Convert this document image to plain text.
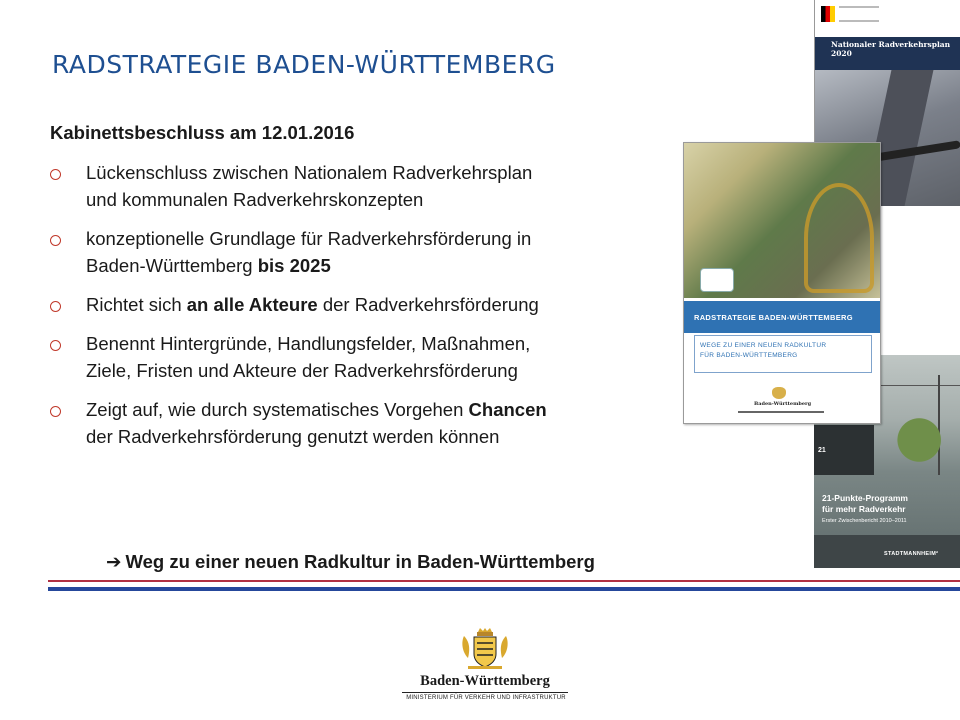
RADSTRATEGIE BADEN-WÜRTTEMBERG
Kabinettsbeschluss am 12.01.2016
Lückenschluss zwischen Nationalem Radverkehrsplan
und kommunalen Radverkehrskonzepten
konzeptionelle Grundlage für Radverkehrsförderung in
Baden-Württemberg bis 2025
Richtet sich an alle Akteure der Radverkehrsförderung
Benennt Hintergründe, Handlungsfelder, Maßnahmen,
Ziele, Fristen und Akteure der Radverkehrsförderung
Zeigt auf, wie durch systematisches Vorgehen Chancen
der Radverkehrsförderung genutzt werden können
➔ Weg zu einer neuen Radkultur in Baden-Württemberg
Nationaler Radverkehrsplan 2020
21
21-Punkte-Programm
für mehr Radverkehr
Erster Zwischenbericht 2010–2011
STADTMANNHEIM²
RADSTRATEGIE BADEN-WÜRTTEMBERG
WEGE ZU EINER NEUEN RADKULTUR
FÜR BADEN-WÜRTTEMBERG
Baden-Württemberg
Baden-Württemberg
MINISTERIUM FÜR VERKEHR UND INFRASTRUKTUR
